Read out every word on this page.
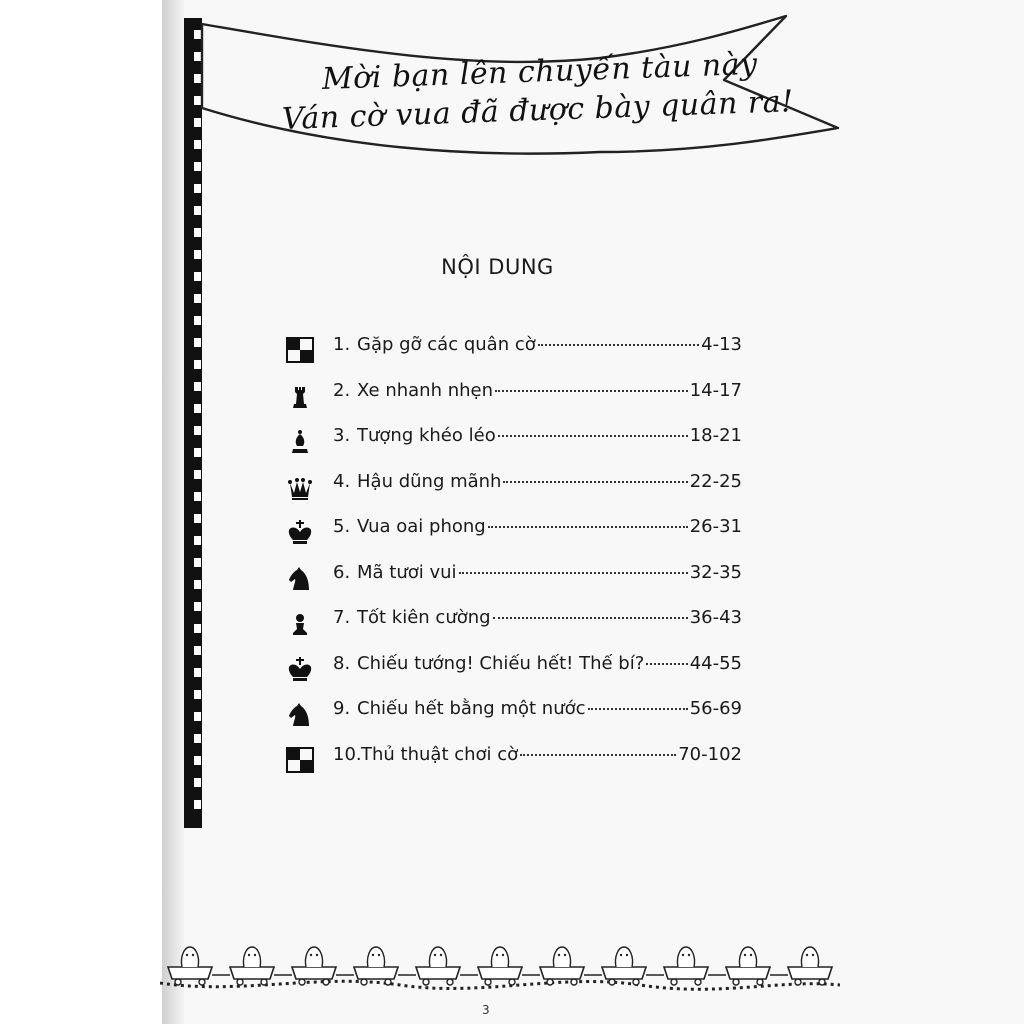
Mời bạn lên chuyến tàu này
Ván cờ vua đã được bày quân ra!
NỘI DUNG
1. Gặp gỡ các quân cờ	4-13
2. Xe nhanh nhẹn	14-17
3. Tượng khéo léo	18-21
4. Hậu dũng mãnh	22-25
5. Vua oai phong	26-31
6. Mã tươi vui	32-35
7. Tốt kiên cường	36-43
8. Chiếu tướng! Chiếu hết! Thế bí?	44-55
9. Chiếu hết bằng một nước	56-69
10. Thủ thuật chơi cờ	70-102
3
